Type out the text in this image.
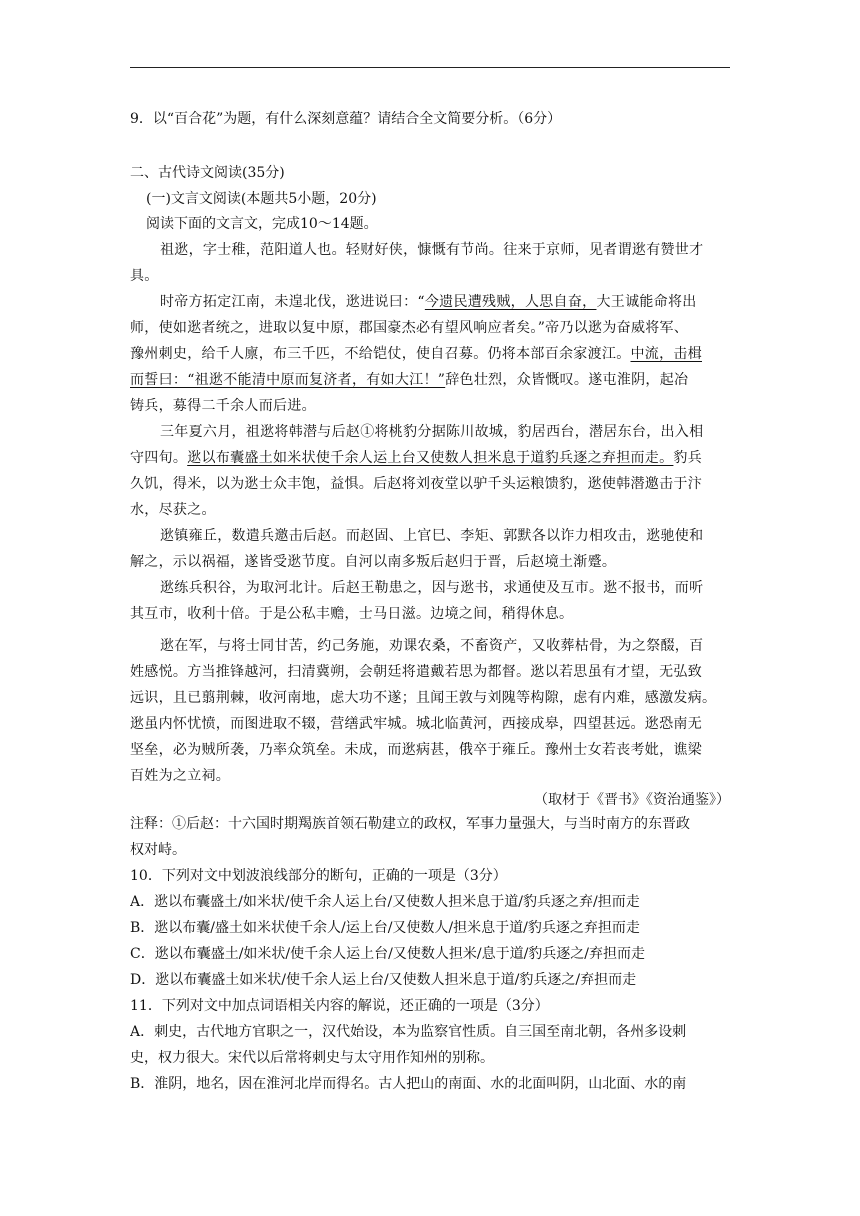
9．以“百合花”为题，有什么深刻意蕴？请结合全文简要分析。（6分）
二、古代诗文阅读(35分)
(一)文言文阅读(本题共5小题，20分)
阅读下面的文言文，完成10～14题。
祖逖，字士稚，范阳道人也。轻财好侠，慷慨有节尚。往来于京师，见者谓逖有赞世才
具。
时帝方拓定江南，未遑北伐，逖进说曰：“今遗民遭残贼，人思自奋，大王诚能命将出
师，使如逖者统之，进取以复中原，郡国豪杰必有望风响应者矣。”帝乃以逖为奋威将军、
豫州刺史，给千人廪，布三千匹，不给铠仗，使自召募。仍将本部百余家渡江。中流，击楫
而誓曰：“祖逖不能清中原而复济者，有如大江！”辞色壮烈，众皆慨叹。遂屯淮阴，起冶
铸兵，募得二千余人而后进。
三年夏六月，祖逖将韩潜与后赵①将桃豹分据陈川故城，豹居西台，潜居东台，出入相
守四旬。逖以布囊盛土如米状使千余人运上台又使数人担米息于道豹兵逐之弃担而走。豹兵
久饥，得米，以为逖士众丰饱，益惧。后赵将刘夜堂以驴千头运粮馈豹，逖使韩潜邀击于汴
水，尽获之。
逖镇雍丘，数遣兵邀击后赵。而赵固、上官巳、李矩、郭默各以诈力相攻击，逖驰使和
解之，示以祸福，遂皆受逖节度。自河以南多叛后赵归于晋，后赵境土渐蹙。
逖练兵积谷，为取河北计。后赵王勒患之，因与逖书，求通使及互市。逖不报书，而听
其互市，收利十倍。于是公私丰赡，士马日滋。边境之间，稍得休息。
逖在军，与将士同甘苦，约己务施，劝课农桑，不畜资产，又收葬枯骨，为之祭醊，百
姓感悦。方当推锋越河，扫清冀朔，会朝廷将遣戴若思为都督。逖以若思虽有才望，无弘致
远识，且已翦荆棘，收河南地，虑大功不遂；且闻王敦与刘隗等构隙，虑有内难，感激发病。
逖虽内怀忧愤，而图进取不辍，营缮武牢城。城北临黄河，西接成皋，四望甚远。逖恐南无
坚垒，必为贼所袭，乃率众筑垒。未成，而逖病甚，俄卒于雍丘。豫州士女若丧考妣，谯梁
百姓为之立祠。
（取材于《晋书》《资治通鉴》）
注释：①后赵：十六国时期羯族首领石勒建立的政权，军事力量强大，与当时南方的东晋政
权对峙。
10．下列对文中划波浪线部分的断句，正确的一项是（3分）
A．逖以布囊盛土/如米状/使千余人运上台/又使数人担米息于道/豹兵逐之弃/担而走
B．逖以布囊/盛土如米状使千余人/运上台/又使数人/担米息于道/豹兵逐之弃担而走
C．逖以布囊盛土/如米状/使千余人运上台/又使数人担米/息于道/豹兵逐之/弃担而走
D．逖以布囊盛土如米状/使千余人运上台/又使数人担米息于道/豹兵逐之/弃担而走
11．下列对文中加点词语相关内容的解说，还正确的一项是（3分）
A．刺史，古代地方官职之一，汉代始设，本为监察官性质。自三国至南北朝，各州多设刺
史，权力很大。宋代以后常将刺史与太守用作知州的别称。
B．淮阴，地名，因在淮河北岸而得名。古人把山的南面、水的北面叫阴，山北面、水的南
